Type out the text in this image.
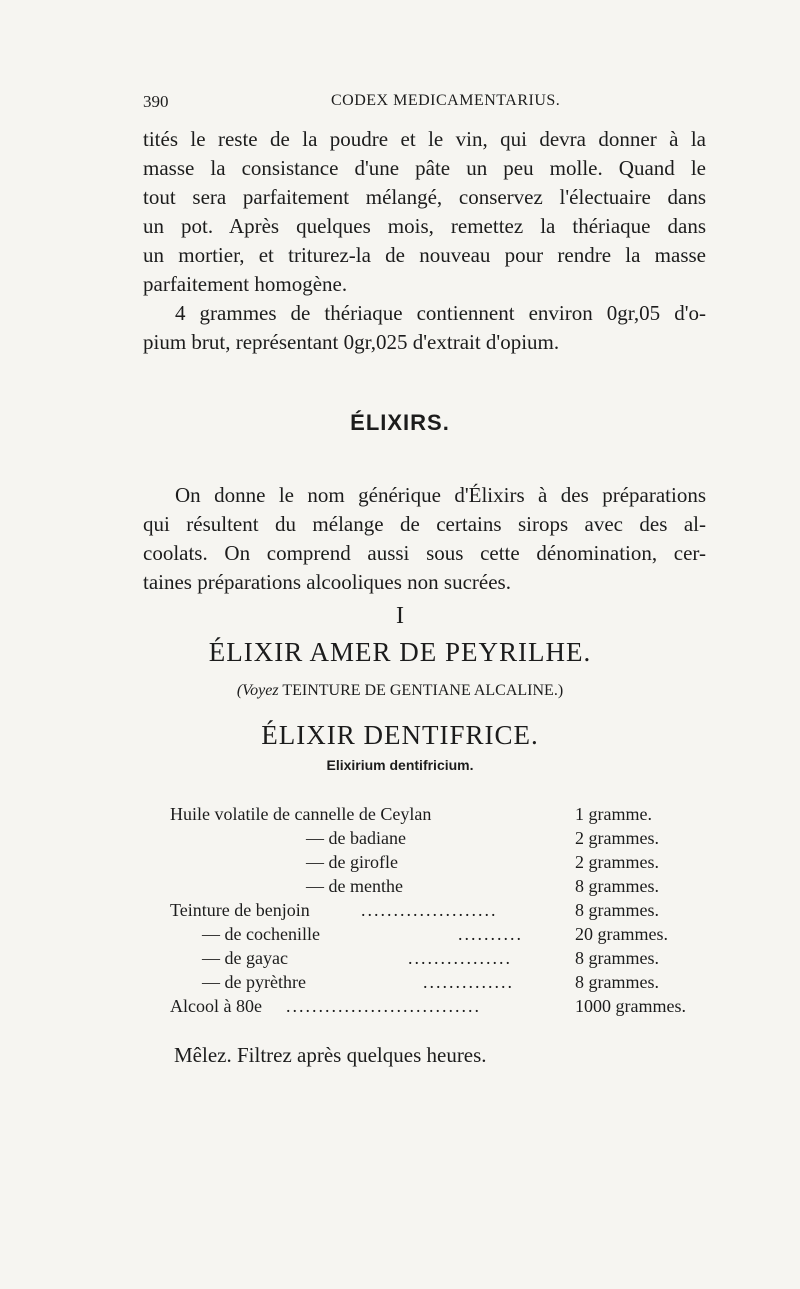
390	CODEX MEDICAMENTARIUS.

tités le reste de la poudre et le vin, qui devra donner à la
masse la consistance d'une pâte un peu molle. Quand le
tout sera parfaitement mélangé, conservez l'électuaire dans
un pot. Après quelques mois, remettez la thériaque dans
un mortier, et triturez-la de nouveau pour rendre la masse
parfaitement homogène.

4 grammes de thériaque contiennent environ 0gr,05 d'o-
pium brut, représentant 0gr,025 d'extrait d'opium.

ÉLIXIRS.

On donne le nom générique d'Élixirs à des préparations
qui résultent du mélange de certains sirops avec des al-
coolats. On comprend aussi sous cette dénomination, cer-
taines préparations alcooliques non sucrées.

I
ÉLIXIR AMER DE PEYRILHE.
(Voyez TEINTURE DE GENTIANE ALCALINE.)
ÉLIXIR DENTIFRICE.
Elixirium dentifricium.
Huile volatile de cannelle de Ceylan	1 gramme.
— de badiane	2 grammes.
— de girofle	2 grammes.
— de menthe	8 grammes.
Teinture de benjoin	.....................	8 grammes.
— de cochenille	..........	20 grammes.
— de gayac	................	8 grammes.
— de pyrèthre	..............	8 grammes.
Alcool à 80e ..............................	1000 grammes.
Mêlez. Filtrez après quelques heures.
